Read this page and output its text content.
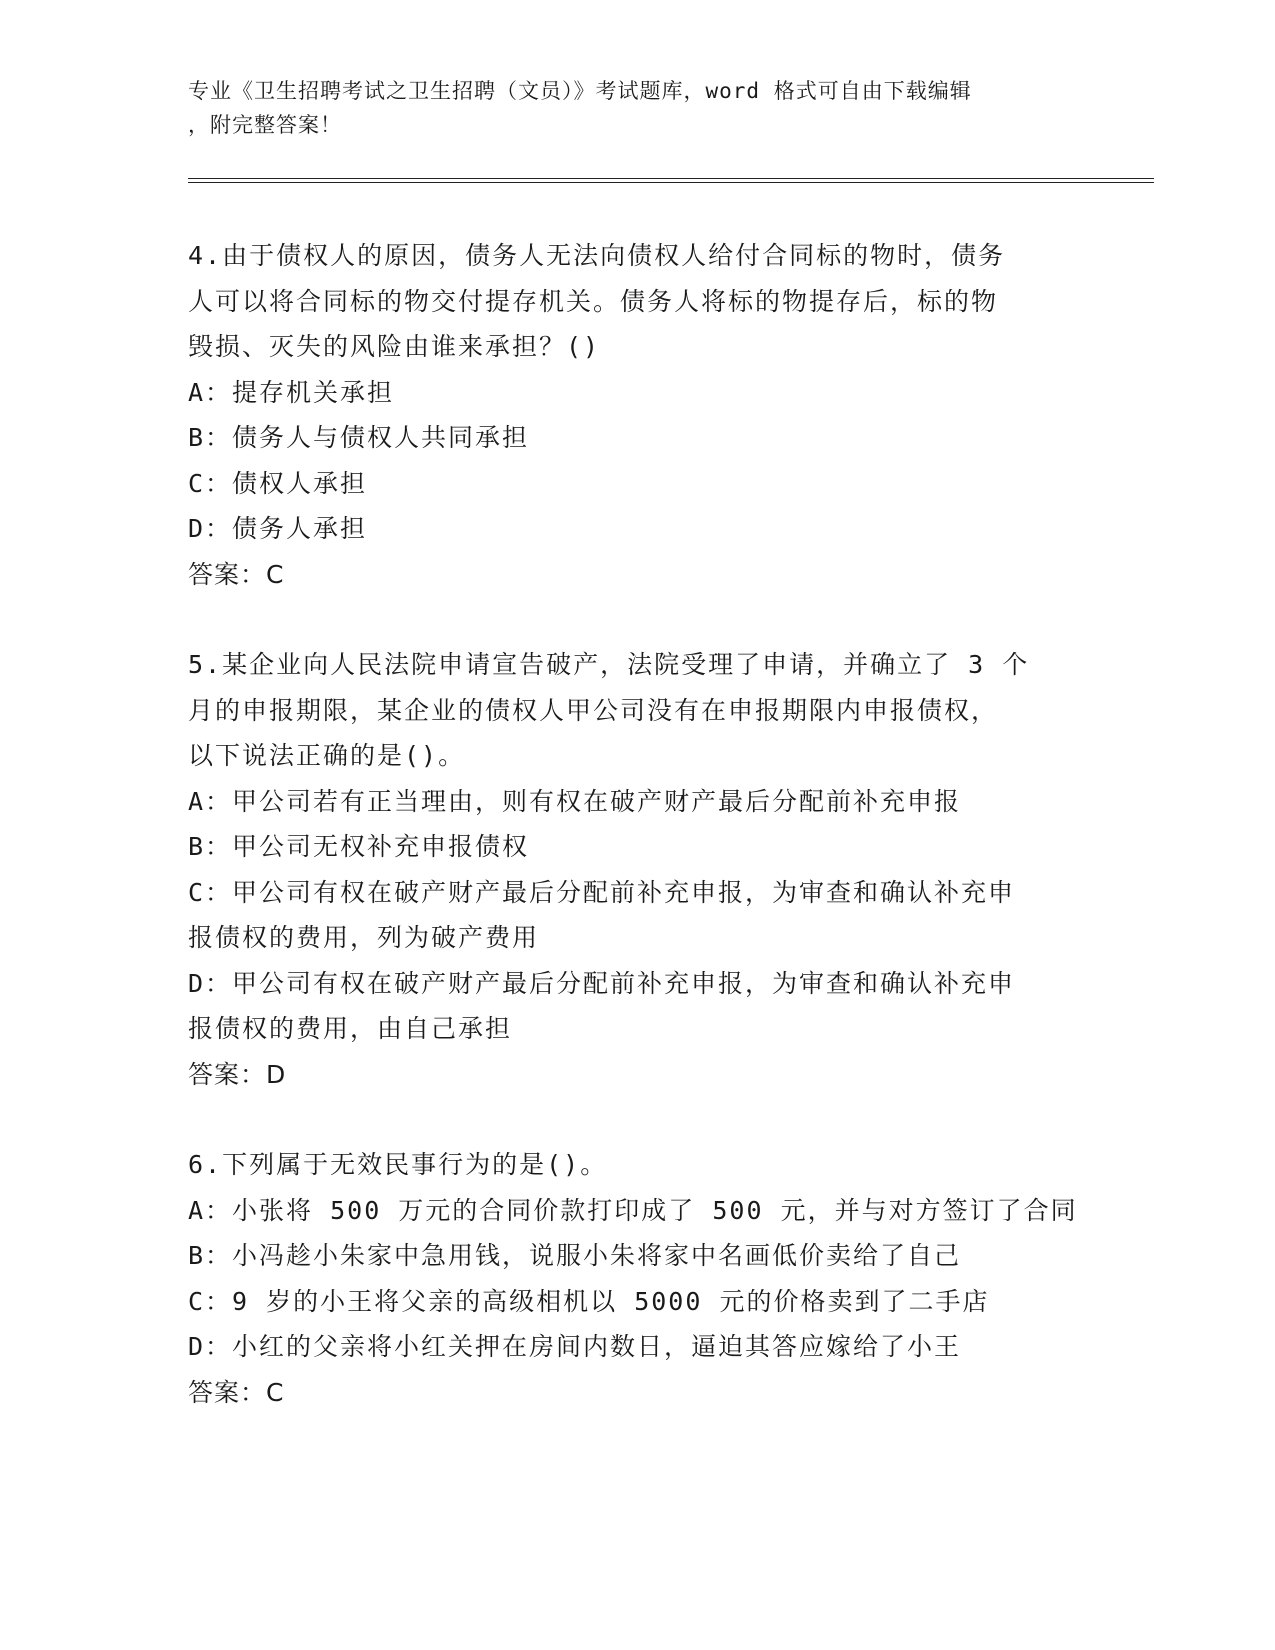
专业《卫生招聘考试之卫生招聘（文员）》考试题库，word 格式可自由下载编辑
，附完整答案！
4.由于债权人的原因，债务人无法向债权人给付合同标的物时，债务
人可以将合同标的物交付提存机关。债务人将标的物提存后，标的物
毁损、灭失的风险由谁来承担？()
A：提存机关承担
B：债务人与债权人共同承担
C：债权人承担
D：债务人承担
答案：C
5.某企业向人民法院申请宣告破产，法院受理了申请，并确立了 3 个
月的申报期限，某企业的债权人甲公司没有在申报期限内申报债权，
以下说法正确的是()。
A：甲公司若有正当理由，则有权在破产财产最后分配前补充申报
B：甲公司无权补充申报债权
C：甲公司有权在破产财产最后分配前补充申报，为审查和确认补充申
报债权的费用，列为破产费用
D：甲公司有权在破产财产最后分配前补充申报，为审查和确认补充申
报债权的费用，由自己承担
答案：D
6.下列属于无效民事行为的是()。
A：小张将 500 万元的合同价款打印成了 500 元，并与对方签订了合同
B：小冯趁小朱家中急用钱，说服小朱将家中名画低价卖给了自己
C：9 岁的小王将父亲的高级相机以 5000 元的价格卖到了二手店
D：小红的父亲将小红关押在房间内数日，逼迫其答应嫁给了小王
答案：C
